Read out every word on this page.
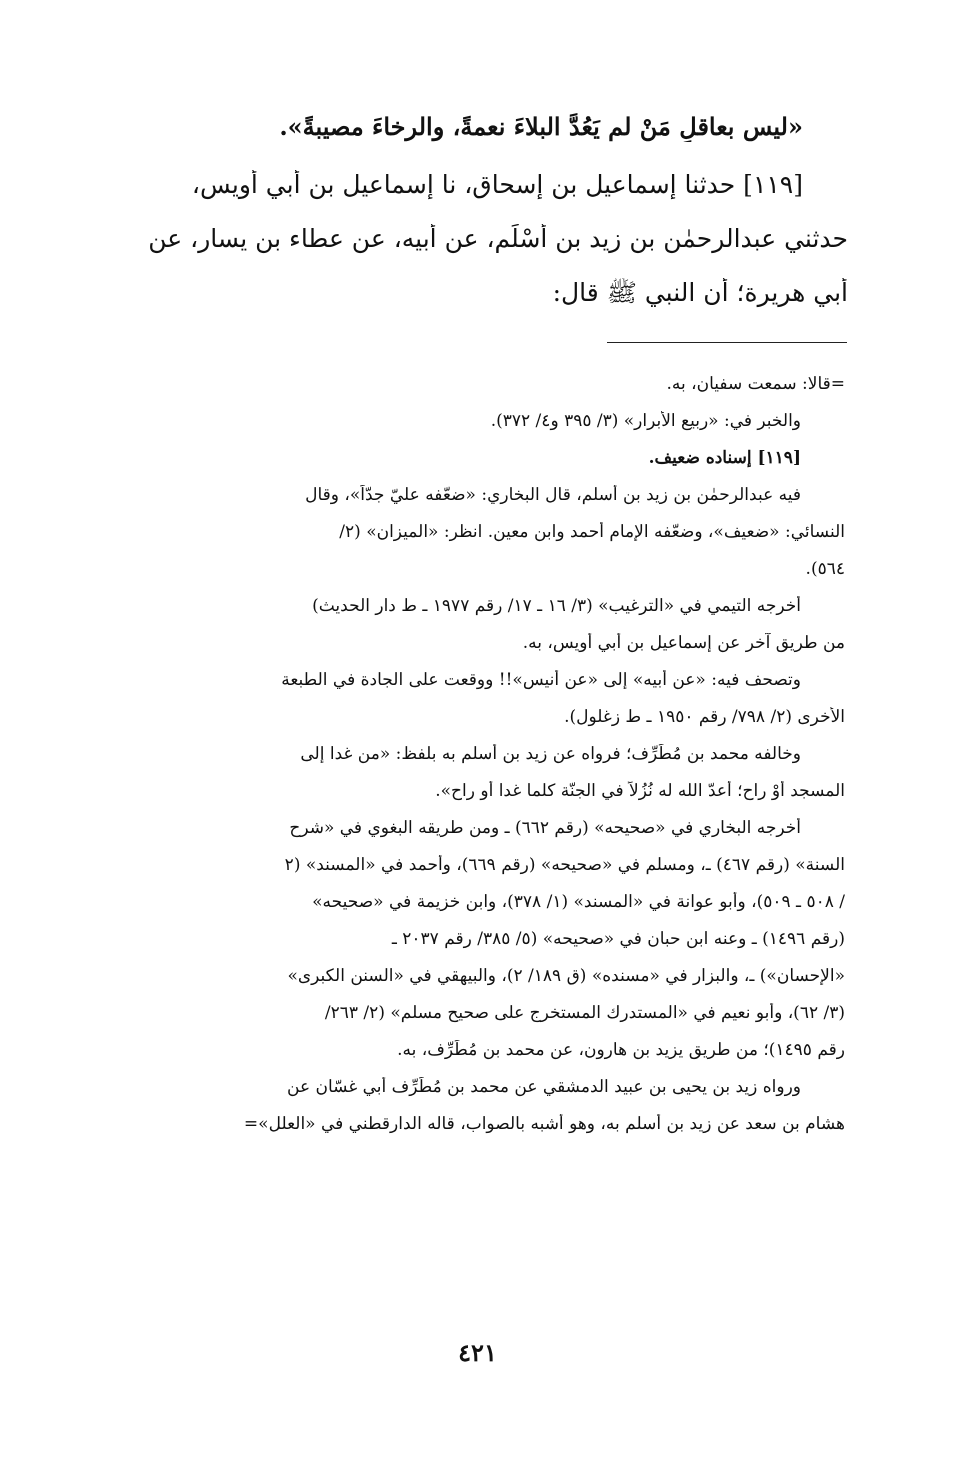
«ليس بعاقلٍ مَنْ لم يَعُدَّ البلاءَ نعمةً، والرخاءَ مصيبةً».
[١١٩] حدثنا إسماعيل بن إسحاق، نا إسماعيل بن أبي أويس،
حدثني عبدالرحمٰن بن زيد بن أَسْلَم، عن أبيه، عن عطاء بن يسار، عن
أبي هريرة؛ أن النبي ﷺ قال:
=قالا: سمعت سفيان، به.
والخبر في: «ربيع الأبرار» (٣/ ٣٩٥ و٤/ ٣٧٢).
[١١٩] إسناده ضعيف.
فيه عبدالرحمٰن بن زيد بن أسلم، قال البخاري: «ضعّفه عليّ جدّاً»، وقال
النسائي: «ضعيف»، وضعّفه الإمام أحمد وابن معين. انظر: «الميزان» (٢/
٥٦٤).
أخرجه التيمي في «الترغيب» (٣/ ١٦ ـ ١٧/ رقم ١٩٧٧ ـ ط دار الحديث)
من طريق آخر عن إسماعيل بن أبي أويس، به.
وتصحف فيه: «عن أبيه» إلى «عن أنيس»!! ووقعت على الجادة في الطبعة
الأخرى (٢/ ٧٩٨/ رقم ١٩٥٠ ـ ط زغلول).
وخالفه محمد بن مُطَرِّف؛ فرواه عن زيد بن أسلم به بلفظ: «من غدا إلى
المسجد أوْ راح؛ أعدّ الله له نُزُلاً في الجنّة كلما غدا أو راح».
أخرجه البخاري في «صحيحه» (رقم ٦٦٢) ـ ومن طريقه البغوي في «شرح
السنة» (رقم ٤٦٧) ـ، ومسلم في «صحيحه» (رقم ٦٦٩)، وأحمد في «المسند» (٢
/ ٥٠٨ ـ ٥٠٩)، وأبو عوانة في «المسند» (١/ ٣٧٨)، وابن خزيمة في «صحيحه»
(رقم ١٤٩٦) ـ وعنه ابن حبان في «صحيحه» (٥/ ٣٨٥/ رقم ٢٠٣٧ ـ
«الإحسان») ـ، والبزار في «مسنده» (ق ١٨٩/ ٢)، والبيهقي في «السنن الكبرى»
(٣/ ٦٢)، وأبو نعيم في «المستدرك المستخرج على صحيح مسلم» (٢/ ٢٦٣/
رقم ١٤٩٥)؛ من طريق يزيد بن هارون، عن محمد بن مُطَرِّف، به.
ورواه زيد بن يحيى بن عبيد الدمشقي عن محمد بن مُطَرِّف أبي غسّان عن
هشام بن سعد عن زيد بن أسلم به، وهو أشبه بالصواب، قاله الدارقطني في «العلل»=
٤٢١
